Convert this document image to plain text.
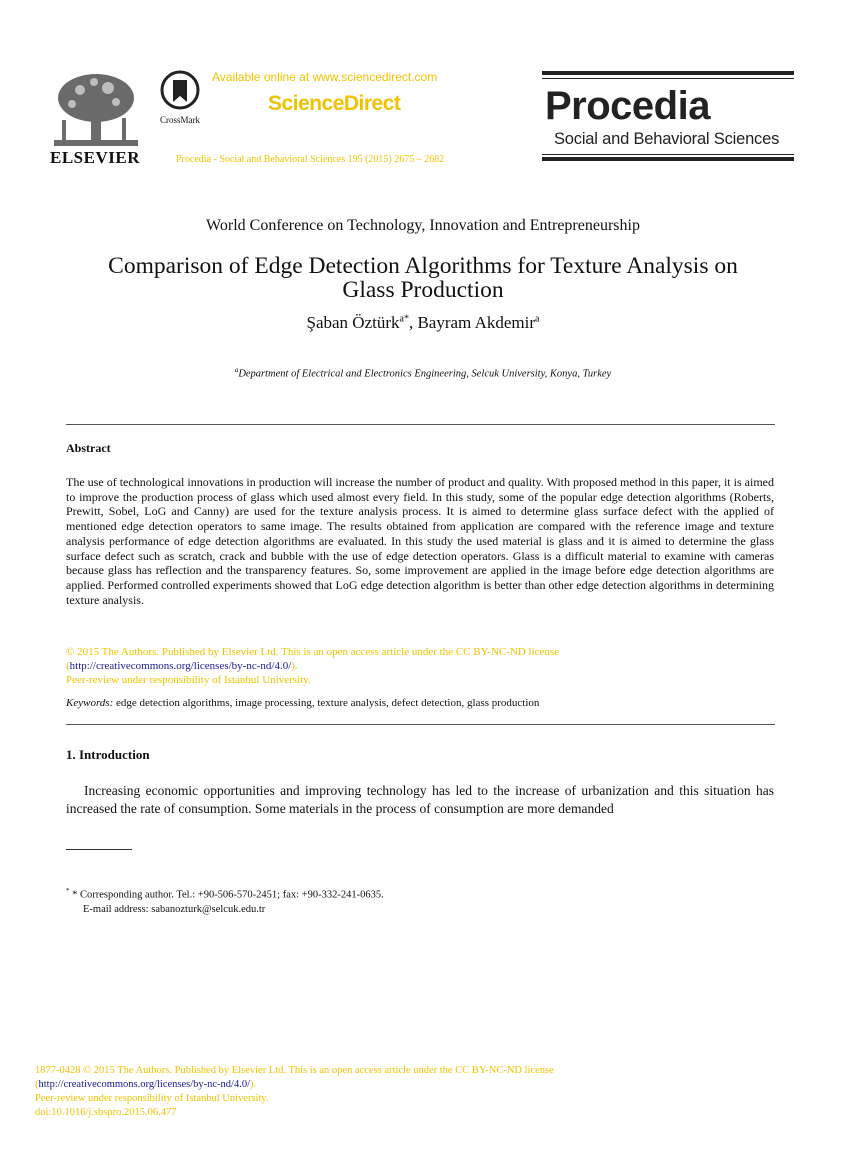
ELSEVIER
CrossMark
Available online at www.sciencedirect.com
ScienceDirect
Procedia - Social and Behavioral Sciences 195 (2015) 2675 – 2682
Procedia
Social and Behavioral Sciences
World Conference on Technology, Innovation and Entrepreneurship
Comparison of Edge Detection Algorithms for Texture Analysis on
Glass Production
Şaban Öztürk$^{a*}$, Bayram Akdemir$^a$
$^a$Department of Electrical and Electronics Engineering, Selcuk University, Konya, Turkey
Abstract
The use of technological innovations in production will increase the number of product and quality. With proposed method in this paper, it is aimed to improve the production process of glass which used almost every field. In this study, some of the popular edge detection algorithms (Roberts, Prewitt, Sobel, LoG and Canny) are used for the texture analysis process. It is aimed to determine glass surface defect with the applied of mentioned edge detection operators to same image. The results obtained from application are compared with the reference image and texture analysis performance of edge detection algorithms are evaluated. In this study the used material is glass and it is aimed to determine the glass surface defect such as scratch, crack and bubble with the use of edge detection operators. Glass is a difficult material to examine with cameras because glass has reflection and the transparency features. So, some improvement are applied in the image before edge detection algorithms are applied. Performed controlled experiments showed that LoG edge detection algorithm is better than other edge detection algorithms in determining texture analysis.
© 2015 The Authors. Published by Elsevier Ltd. This is an open access article under the CC BY-NC-ND license
(http://creativecommons.org/licenses/by-nc-nd/4.0/).
Peer-review under responsibility of Istanbul University.
Keywords: edge detection algorithms, image processing, texture analysis, defect detection, glass production
1. Introduction
Increasing economic opportunities and improving technology has led to the increase of urbanization and this situation has increased the rate of consumption. Some materials in the process of consumption are more demanded
* * Corresponding author. Tel.: +90-506-570-2451; fax: +90-332-241-0635.
E-mail address: sabanozturk@selcuk.edu.tr
1877-0428 © 2015 The Authors. Published by Elsevier Ltd. This is an open access article under the CC BY-NC-ND license
(http://creativecommons.org/licenses/by-nc-nd/4.0/).
Peer-review under responsibility of Istanbul University.
doi:10.1016/j.sbspro.2015.06.477
